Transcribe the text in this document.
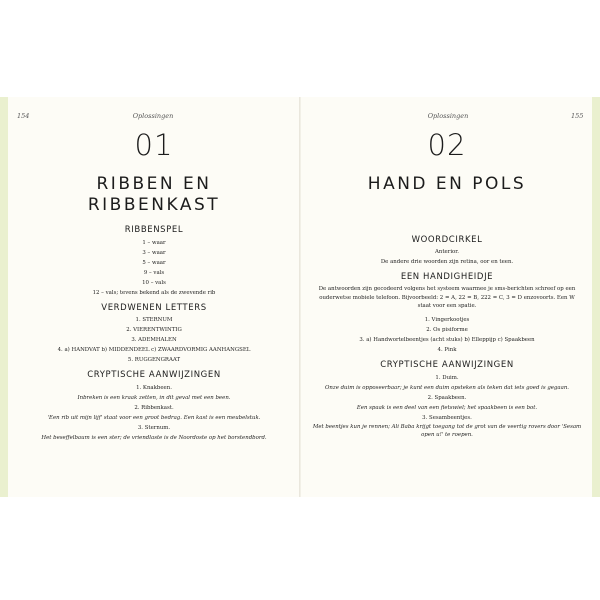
154	Oplossingen	Oplossingen	155
01
RIBBEN EN
RIBBENKAST
RIBBENSPEL
1 – waar
3 – waar
5 – waar
9 – vals
10 – vals
12 – vals; tevens bekend als de zwevende rib
VERDWENEN LETTERS
1. STERNUM
2. VIERENTWINTIG
3. ADEMHALEN
4. a) HANDVAT b) MIDDENDEEL c) ZWAARDVORMIG AANHANGSEL
5. RUGGENGRAAT
CRYPTISCHE AANWIJZINGEN
1. Knakbeen.
Inbreken is een kraak zetten, in dit geval met een been.
2. Ribbenkast.
'Een rib uit mijn lijf' staat voor een groot bedrag. Een kast is een meubelstuk.
3. Sternum.
Het beseffelbaum is een ster; de vriendlaste is de Noordoste op het borstendbord.
02
HAND EN POLS
WOORDCIRKEL
Anterior.
De andere drie woorden zijn retina, oor en teen.
EEN HANDIGHEIDJE
De antwoorden zijn gecodeerd volgens het systeem waarmee je sms-berichten schreef op een ouderwetse mobiele telefoon. Bijvoorbeeld: 2 = A, 22 = B, 222 = C, 3 = D enzovoorts. Een W staat voor een spatie.
1. Vingerkootjes
2. Os pisiforme
3. a) Handwortelbeentjes (acht stuks) b) Elleppijp c) Spaakbeen
4. Pink
CRYPTISCHE AANWIJZINGEN
1. Duim.
Onze duim is opposeerbaar; je kunt een duim opsteken als teken dat iets goed is gegaan.
2. Spaakbeen.
Een spaak is een deel van een fietswiel; het spaakbeen is een bot.
3. Sesambeentjes.
Met beentjes kun je rennen; Ali Baba krijgt toegang tot de grot van de veertig rovers door 'Sesam open u!' te roepen.
